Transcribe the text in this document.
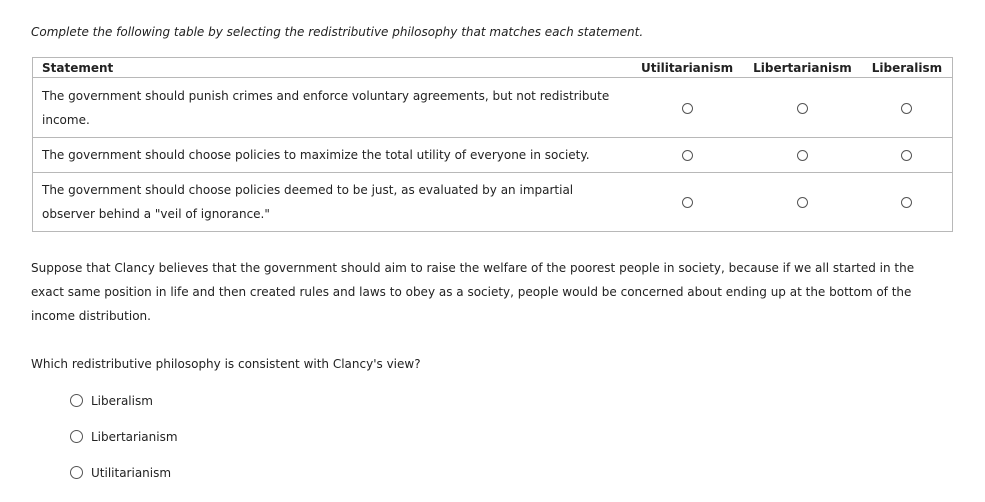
Complete the following table by selecting the redistributive philosophy that matches each statement.

Statement	Utilitarianism	Libertarianism	Liberalism

The government should punish crimes and enforce voluntary agreements, but not redistribute income.			

The government should choose policies to maximize the total utility of everyone in society.			

The government should choose policies deemed to be just, as evaluated by an impartial observer behind a "veil of ignorance."			

Suppose that Clancy believes that the government should aim to raise the welfare of the poorest people in society, because if we all started in the exact same position in life and then created rules and laws to obey as a society, people would be concerned about ending up at the bottom of the income distribution.

Which redistributive philosophy is consistent with Clancy's view?

Liberalism
Libertarianism
Utilitarianism
